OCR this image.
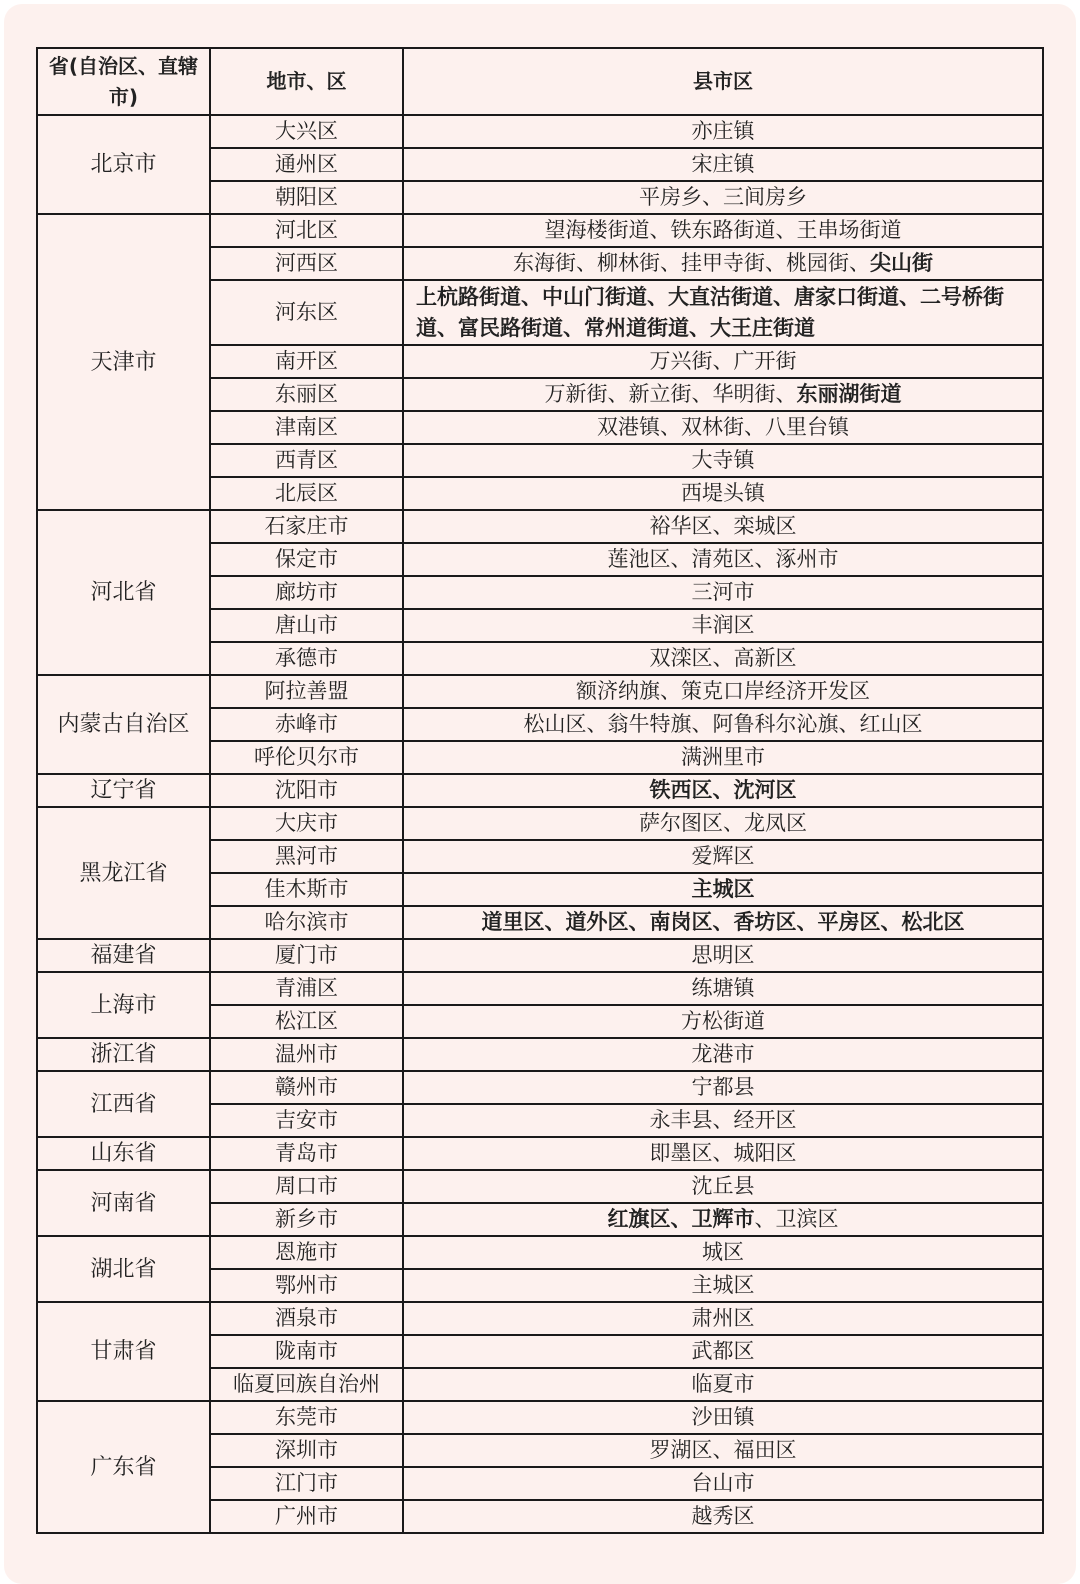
省(自治区、直辖市)	地市、区	县市区
北京市	大兴区	亦庄镇
	通州区	宋庄镇
	朝阳区	平房乡、三间房乡
天津市	河北区	望海楼街道、铁东路街道、王串场街道
	河西区	东海街、柳林街、挂甲寺街、桃园街、尖山街
	河东区	上杭路街道、中山门街道、大直沽街道、唐家口街道、二号桥街道、富民路街道、常州道街道、大王庄街道
	南开区	万兴街、广开街
	东丽区	万新街、新立街、华明街、东丽湖街道
	津南区	双港镇、双林街、八里台镇
	西青区	大寺镇
	北辰区	西堤头镇
河北省	石家庄市	裕华区、栾城区
	保定市	莲池区、清苑区、涿州市
	廊坊市	三河市
	唐山市	丰润区
	承德市	双滦区、高新区
内蒙古自治区	阿拉善盟	额济纳旗、策克口岸经济开发区
	赤峰市	松山区、翁牛特旗、阿鲁科尔沁旗、红山区
	呼伦贝尔市	满洲里市
辽宁省	沈阳市	铁西区、沈河区
黑龙江省	大庆市	萨尔图区、龙凤区
	黑河市	爱辉区
	佳木斯市	主城区
	哈尔滨市	道里区、道外区、南岗区、香坊区、平房区、松北区
福建省	厦门市	思明区
上海市	青浦区	练塘镇
	松江区	方松街道
浙江省	温州市	龙港市
江西省	赣州市	宁都县
	吉安市	永丰县、经开区
山东省	青岛市	即墨区、城阳区
河南省	周口市	沈丘县
	新乡市	红旗区、卫辉市、卫滨区
湖北省	恩施市	城区
	鄂州市	主城区
甘肃省	酒泉市	肃州区
	陇南市	武都区
	临夏回族自治州	临夏市
广东省	东莞市	沙田镇
	深圳市	罗湖区、福田区
	江门市	台山市
	广州市	越秀区
